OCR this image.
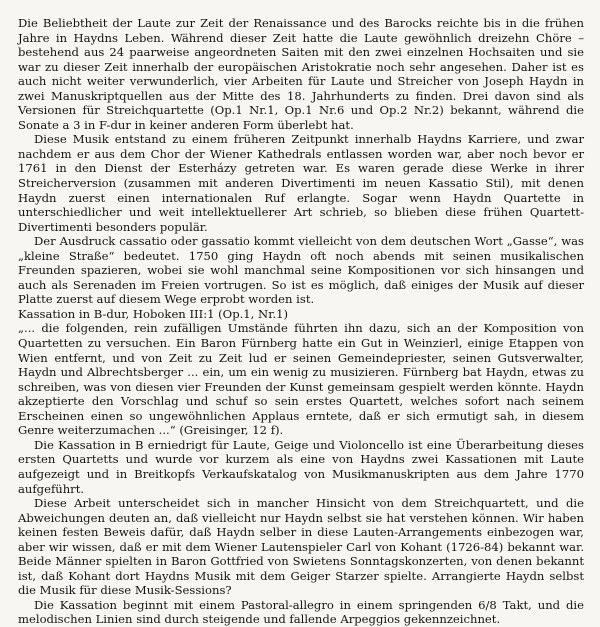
Die Beliebtheit der Laute zur Zeit der Renaissance und des Barocks reichte bis in die frühen Jahre in Haydns Leben. Während dieser Zeit hatte die Laute gewöhnlich dreizehn Chöre – bestehend aus 24 paarweise angeordneten Saiten mit den zwei einzelnen Hochsaiten und sie war zu dieser Zeit innerhalb der europäischen Aristokratie noch sehr angesehen. Daher ist es auch nicht weiter verwunderlich, vier Arbeiten für Laute und Streicher von Joseph Haydn in zwei Manuskriptquellen aus der Mitte des 18. Jahrhunderts zu finden. Drei davon sind als Versionen für Streichquartette (Op.1 Nr.1, Op.1 Nr.6 und Op.2 Nr.2) bekannt, während die Sonate a 3 in F-dur in keiner anderen Form überlebt hat.

Diese Musik entstand zu einem früheren Zeitpunkt innerhalb Haydns Karriere, und zwar nachdem er aus dem Chor der Wiener Kathedrals entlassen worden war, aber noch bevor er 1761 in den Dienst der Esterházy getreten war. Es waren gerade diese Werke in ihrer Streicherversion (zusammen mit anderen Divertimenti im neuen Kassatio Stil), mit denen Haydn zuerst einen internationalen Ruf erlangte. Sogar wenn Haydn Quartette in unterschiedlicher und weit intellektuellerer Art schrieb, so blieben diese frühen Quartett-Divertimenti besonders populär.

Der Ausdruck cassatio oder gassatio kommt vielleicht von dem deutschen Wort „Gasse“, was „kleine Straße“ bedeutet. 1750 ging Haydn oft noch abends mit seinen musikalischen Freunden spazieren, wobei sie wohl manchmal seine Kompositionen vor sich hinsangen und auch als Serenaden im Freien vortrugen. So ist es möglich, daß einiges der Musik auf dieser Platte zuerst auf diesem Wege erprobt worden ist.

Kassation in B-dur, Hoboken III:1 (Op.1, Nr.1)

„... die folgenden, rein zufälligen Umstände führten ihn dazu, sich an der Komposition von Quartetten zu versuchen. Ein Baron Fürnberg hatte ein Gut in Weinzierl, einige Etappen von Wien entfernt, und von Zeit zu Zeit lud er seinen Gemeindepriester, seinen Gutsverwalter, Haydn und Albrechtsberger ... ein, um ein wenig zu musizieren. Fürnberg bat Haydn, etwas zu schreiben, was von diesen vier Freunden der Kunst gemeinsam gespielt werden könnte. Haydn akzeptierte den Vorschlag und schuf so sein erstes Quartett, welches sofort nach seinem Erscheinen einen so ungewöhnlichen Applaus erntete, daß er sich ermutigt sah, in diesem Genre weiterzumachen ...“ (Greisinger, 12 f).

Die Kassation in B erniedrigt für Laute, Geige und Violoncello ist eine Überarbeitung dieses ersten Quartetts und wurde vor kurzem als eine von Haydns zwei Kassationen mit Laute aufgezeigt und in Breitkopfs Verkaufskatalog von Musikmanuskripten aus dem Jahre 1770 aufgeführt.

Diese Arbeit unterscheidet sich in mancher Hinsicht von dem Streichquartett, und die Abweichungen deuten an, daß vielleicht nur Haydn selbst sie hat verstehen können. Wir haben keinen festen Beweis dafür, daß Haydn selber in diese Lauten-Arrangements einbezogen war, aber wir wissen, daß er mit dem Wiener Lautenspieler Carl von Kohant (1726-84) bekannt war. Beide Männer spielten in Baron Gottfried von Swietens Sonntagskonzerten, von denen bekannt ist, daß Kohant dort Haydns Musik mit dem Geiger Starzer spielte. Arrangierte Haydn selbst die Musik für diese Musik-Sessions?

Die Kassation beginnt mit einem Pastoral-allegro in einem springenden 6/8 Takt, und die melodischen Linien sind durch steigende und fallende Arpeggios gekennzeichnet.
